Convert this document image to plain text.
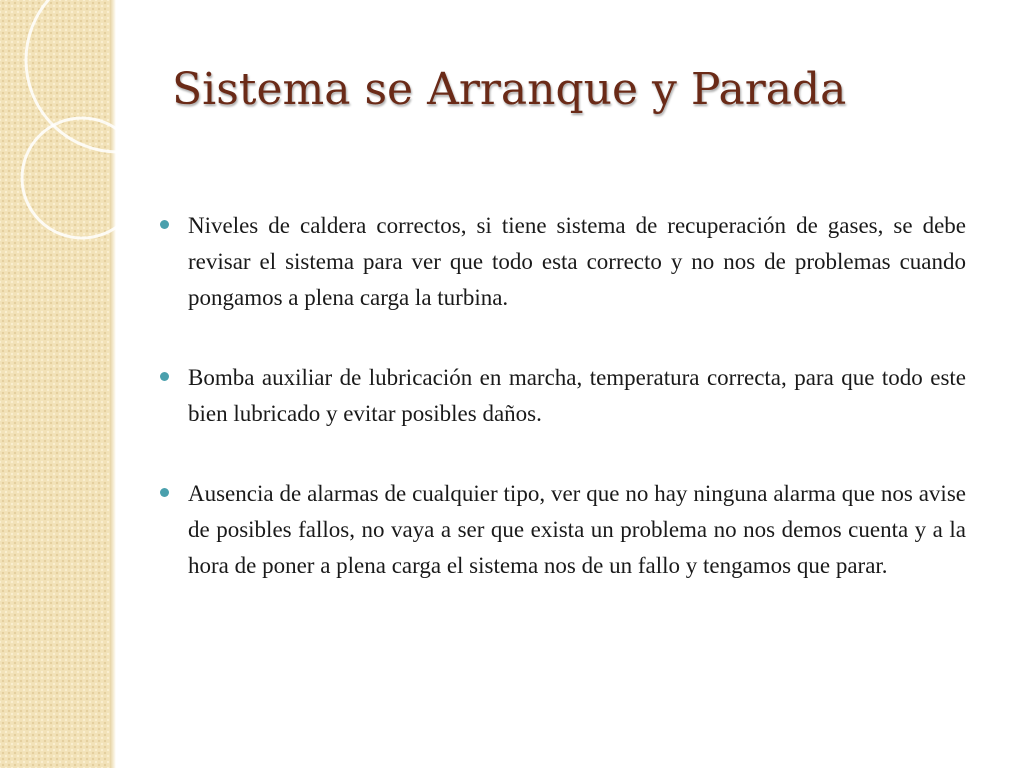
Sistema se Arranque y Parada
Niveles de caldera correctos, si tiene sistema de recuperación de gases, se debe revisar el sistema para ver que todo esta correcto y no nos de problemas cuando pongamos a plena carga la turbina.
Bomba auxiliar de lubricación en marcha, temperatura correcta, para que todo este bien lubricado y evitar posibles daños.
Ausencia de alarmas de cualquier tipo, ver que no hay ninguna alarma que nos avise de posibles fallos, no vaya a ser que exista un problema no nos demos cuenta y a la hora de poner a plena carga el sistema nos de un fallo y tengamos que parar.
